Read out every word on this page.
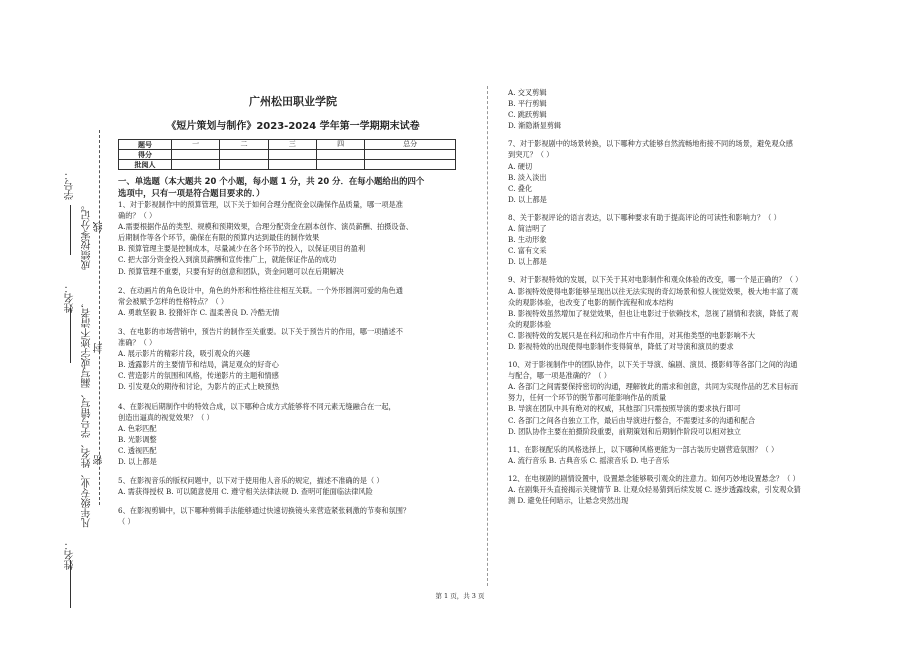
学号：
成绩按零分记。
姓名： 凡年级专业、姓名、学号错写、漏写或字迹不清者，
线
封
密
姓名：

广州松田职业学院

《短片策划与制作》2023-2024 学年第一学期期末试卷

题号	一	二	三	四	总分
得分					
批阅人					

一、单选题（本大题共 20 个小题，每小题 1 分，共 20 分．在每小题给出的四个

选项中，只有一项是符合题目要求的．）

1、对于影视制作中的预算管理，以下关于如何合理分配资金以确保作品质量，哪一项是准

确的？（ ）

A.需要根据作品的类型、规模和预期效果，合理分配资金在剧本创作、演员薪酬、拍摄设备、

后期制作等各个环节，确保在有限的预算内达到最佳的制作效果

B. 预算管理主要是控制成本，尽量减少在各个环节的投入，以保证项目的盈利

C. 把大部分资金投入到演员薪酬和宣传推广上，就能保证作品的成功

D. 预算管理不重要，只要有好的创意和团队，资金问题可以在后期解决

2、在动画片的角色设计中，角色的外形和性格往往相互关联。一个外形圆润可爱的角色通

常会被赋予怎样的性格特点？（ ）

A. 勇敢坚毅 B. 狡猾奸诈 C. 温柔善良 D. 冷酷无情

3、在电影的市场营销中，预告片的制作至关重要。以下关于预告片的作用，哪一项描述不

准确？（ ）

A. 展示影片的精彩片段，吸引观众的兴趣

B. 透露影片的主要情节和结局，满足观众的好奇心

C. 营造影片的氛围和风格，传递影片的主题和情感

D. 引发观众的期待和讨论，为影片的正式上映预热

4、在影视后期制作中的特效合成，以下哪种合成方式能够将不同元素无缝融合在一起，

创造出逼真的视觉效果？（ ）

A. 色彩匹配

B. 光影调整

C. 透视匹配

D. 以上都是

5、在影视音乐的版权问题中，以下对于使用他人音乐的规定，描述不准确的是（ ）

A. 需获得授权 B. 可以随意使用 C. 遵守相关法律法规 D. 查明可能面临法律风险

6、在影视剪辑中，以下哪种剪辑手法能够通过快速切换镜头来营造紧张刺激的节奏和氛围？

（ ）

A. 交叉剪辑

B. 平行剪辑

C. 跳跃剪辑

D. 渐隐渐显剪辑

7、对于影视剧中的场景转换，以下哪种方式能够自然流畅地衔接不同的场景，避免观众感

到突兀？（ ）

A. 硬切

B. 淡入淡出

C. 叠化

D. 以上都是

8、关于影视评论的语言表达，以下哪种要求有助于提高评论的可读性和影响力？（ ）

A. 简洁明了

B. 生动形象

C. 富有文采

D. 以上都是

9、对于影视特效的发展，以下关于其对电影制作和观众体验的改变，哪一个是正确的？（ ）

A. 影视特效使得电影能够呈现出以往无法实现的奇幻场景和惊人视觉效果，极大地丰富了观

众的观影体验，也改变了电影的制作流程和成本结构

B. 影视特效虽然增加了视觉效果，但也让电影过于依赖技术，忽视了剧情和表演，降低了观

众的观影体验

C. 影视特效的发展只是在科幻和动作片中有作用，对其他类型的电影影响不大

D. 影视特效的出现使得电影制作变得简单，降低了对导演和演员的要求

10、对于影视制作中的团队协作，以下关于导演、编剧、演员、摄影师等各部门之间的沟通

与配合，哪一项是准确的？（ ）

A. 各部门之间需要保持密切的沟通，理解彼此的需求和创意，共同为实现作品的艺术目标而

努力，任何一个环节的脱节都可能影响作品的质量

B. 导演在团队中具有绝对的权威，其他部门只需按照导演的要求执行即可

C. 各部门之间各自独立工作，最后由导演进行整合，不需要过多的沟通和配合

D. 团队协作主要在拍摄阶段重要，前期策划和后期制作阶段可以相对独立

11、在影视配乐的风格选择上，以下哪种风格更能为一部古装历史剧营造氛围？（ ）

A. 流行音乐 B. 古典音乐 C. 摇滚音乐 D. 电子音乐

12、在电视剧的剧情设置中，设置悬念能够吸引观众的注意力。如何巧妙地设置悬念？（ ）

A. 在剧集开头直接揭示关键情节 B. 让观众轻易猜到后续发展 C. 逐步透露线索，引发观众猜

测 D. 避免任何暗示，让悬念突然出现

第 1 页，共 3 页
